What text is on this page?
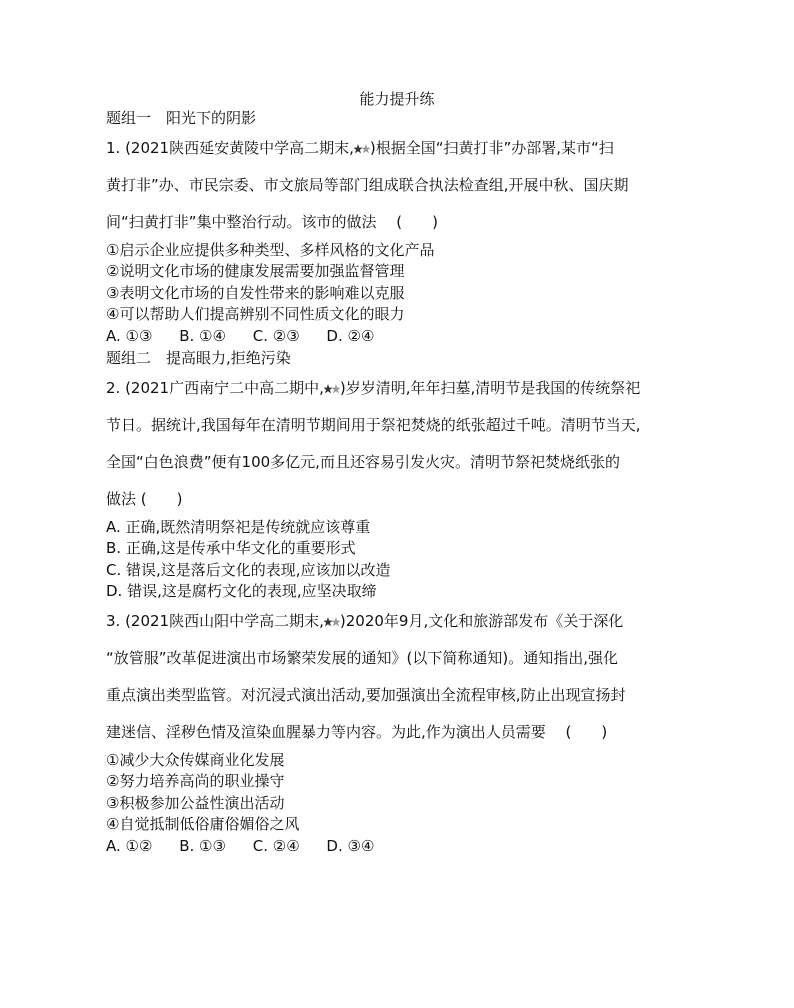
能力提升练
题组一　阳光下的阴影
1. (2021陕西延安黄陵中学高二期末, )根据全国“扫黄打非”办部署,某市“扫
黄打非”办、市民宗委、市文旅局等部门组成联合执法检查组,开展中秋、国庆期
间“扫黄打非”集中整治行动。该市的做法　 (　　)
①启示企业应提供多种类型、多样风格的文化产品
②说明文化市场的健康发展需要加强监督管理
③表明文化市场的自发性带来的影响难以克服
④可以帮助人们提高辨别不同性质文化的眼力
A. ①③ B. ①④ C. ②③ D. ②④
题组二　提高眼力,拒绝污染
2. (2021广西南宁二中高二期中, )岁岁清明,年年扫墓,清明节是我国的传统祭祀
节日。据统计,我国每年在清明节期间用于祭祀焚烧的纸张超过千吨。清明节当天,
全国“白色浪费”便有100多亿元,而且还容易引发火灾。清明节祭祀焚烧纸张的
做法 (　　)
A. 正确,既然清明祭祀是传统就应该尊重
B. 正确,这是传承中华文化的重要形式
C. 错误,这是落后文化的表现,应该加以改造
D. 错误,这是腐朽文化的表现,应坚决取缔
3. (2021陕西山阳中学高二期末, )2020年9月,文化和旅游部发布《关于深化
“放管服”改革促进演出市场繁荣发展的通知》(以下简称通知)。通知指出,强化
重点演出类型监管。对沉浸式演出活动,要加强演出全流程审核,防止出现宣扬封
建迷信、淫秽色情及渲染血腥暴力等内容。为此,作为演出人员需要　 (　　)
①减少大众传媒商业化发展
②努力培养高尚的职业操守
③积极参加公益性演出活动
④自觉抵制低俗庸俗媚俗之风
A. ①② B. ①③ C. ②④ D. ③④
